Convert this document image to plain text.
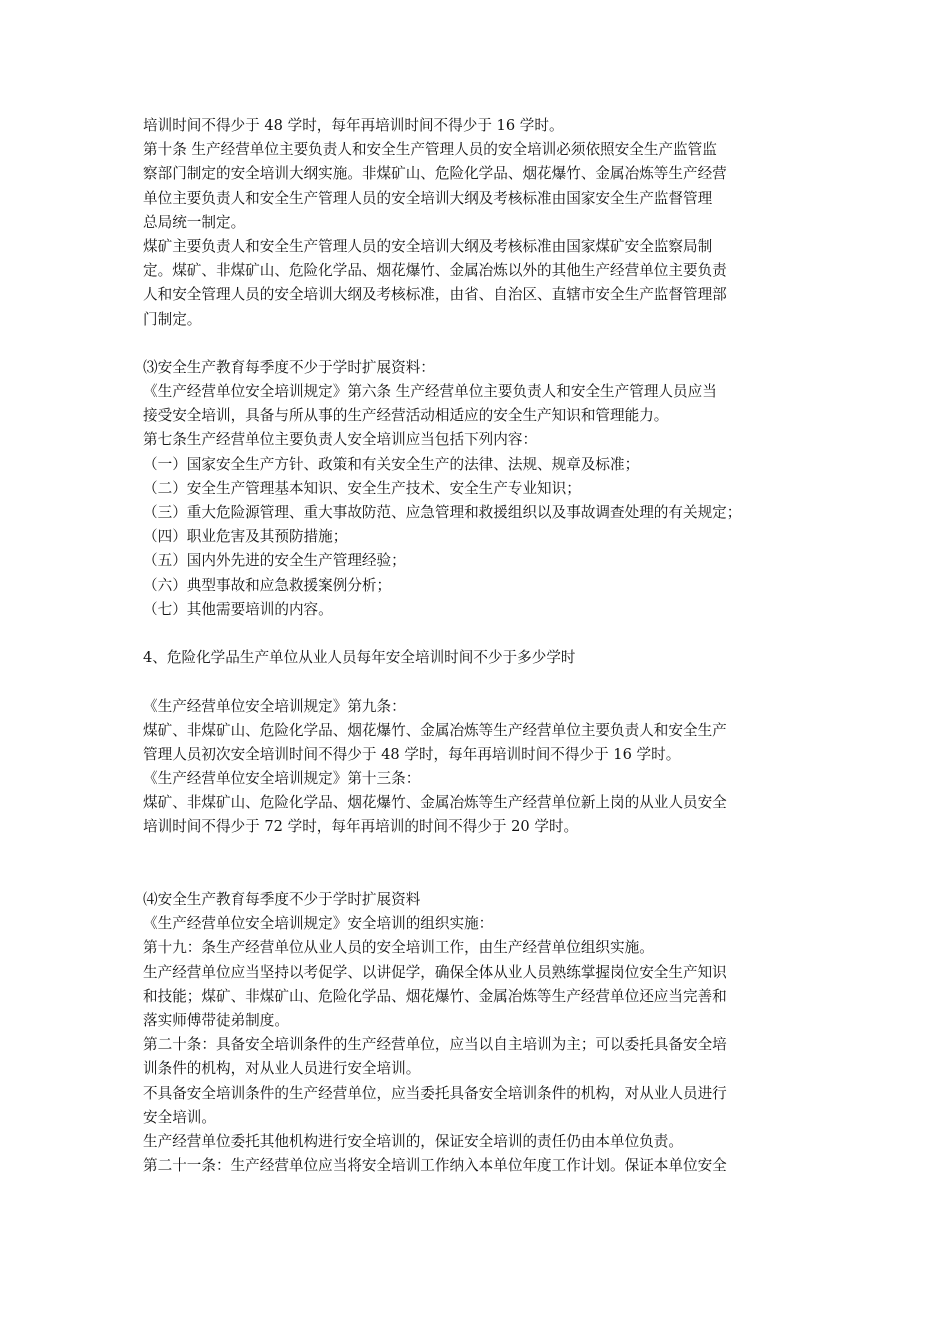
培训时间不得少于 48 学时，每年再培训时间不得少于 16 学时。
第十条 生产经营单位主要负责人和安全生产管理人员的安全培训必须依照安全生产监管监
察部门制定的安全培训大纲实施。非煤矿山、危险化学品、烟花爆竹、金属冶炼等生产经营
单位主要负责人和安全生产管理人员的安全培训大纲及考核标准由国家安全生产监督管理
总局统一制定。
煤矿主要负责人和安全生产管理人员的安全培训大纲及考核标准由国家煤矿安全监察局制
定。煤矿、非煤矿山、危险化学品、烟花爆竹、金属冶炼以外的其他生产经营单位主要负责
人和安全管理人员的安全培训大纲及考核标准，由省、自治区、直辖市安全生产监督管理部
门制定。
⑶安全生产教育每季度不少于学时扩展资料：
《生产经营单位安全培训规定》第六条 生产经营单位主要负责人和安全生产管理人员应当
接受安全培训，具备与所从事的生产经营活动相适应的安全生产知识和管理能力。
第七条生产经营单位主要负责人安全培训应当包括下列内容：
（一）国家安全生产方针、政策和有关安全生产的法律、法规、规章及标准；
（二）安全生产管理基本知识、安全生产技术、安全生产专业知识；
（三）重大危险源管理、重大事故防范、应急管理和救援组织以及事故调查处理的有关规定；
（四）职业危害及其预防措施；
（五）国内外先进的安全生产管理经验；
（六）典型事故和应急救援案例分析；
（七）其他需要培训的内容。
4、危险化学品生产单位从业人员每年安全培训时间不少于多少学时
《生产经营单位安全培训规定》第九条：
煤矿、非煤矿山、危险化学品、烟花爆竹、金属冶炼等生产经营单位主要负责人和安全生产
管理人员初次安全培训时间不得少于 48 学时，每年再培训时间不得少于 16 学时。
《生产经营单位安全培训规定》第十三条：
煤矿、非煤矿山、危险化学品、烟花爆竹、金属冶炼等生产经营单位新上岗的从业人员安全
培训时间不得少于 72 学时，每年再培训的时间不得少于 20 学时。
⑷安全生产教育每季度不少于学时扩展资料
《生产经营单位安全培训规定》安全培训的组织实施：
第十九：条生产经营单位从业人员的安全培训工作，由生产经营单位组织实施。
生产经营单位应当坚持以考促学、以讲促学，确保全体从业人员熟练掌握岗位安全生产知识
和技能；煤矿、非煤矿山、危险化学品、烟花爆竹、金属冶炼等生产经营单位还应当完善和
落实师傅带徒弟制度。
第二十条：具备安全培训条件的生产经营单位，应当以自主培训为主；可以委托具备安全培
训条件的机构，对从业人员进行安全培训。
不具备安全培训条件的生产经营单位，应当委托具备安全培训条件的机构，对从业人员进行
安全培训。
生产经营单位委托其他机构进行安全培训的，保证安全培训的责任仍由本单位负责。
第二十一条：生产经营单位应当将安全培训工作纳入本单位年度工作计划。保证本单位安全
